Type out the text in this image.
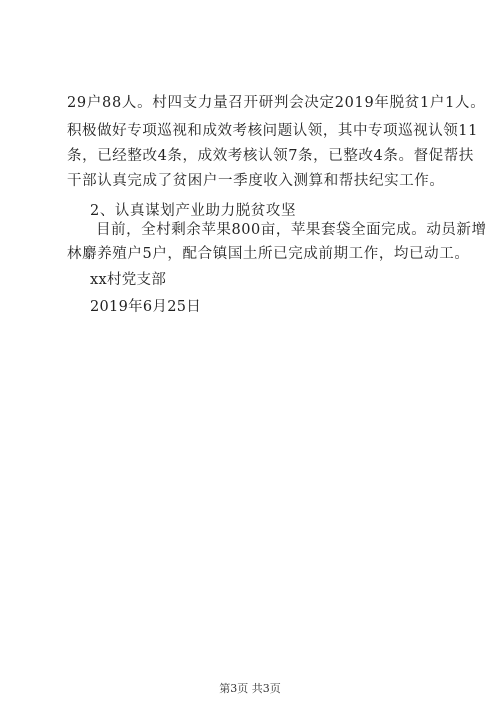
29户88人。村四支力量召开研判会决定2019年脱贫1户1人。
积极做好专项巡视和成效考核问题认领，其中专项巡视认领11
条，已经整改4条，成效考核认领7条，已整改4条。督促帮扶
干部认真完成了贫困户一季度收入测算和帮扶纪实工作。
2、认真谋划产业助力脱贫攻坚
目前，全村剩余苹果800亩，苹果套袋全面完成。动员新增
林麝养殖户5户，配合镇国土所已完成前期工作，均已动工。
xx村党支部
2019年6月25日
第3页 共3页
